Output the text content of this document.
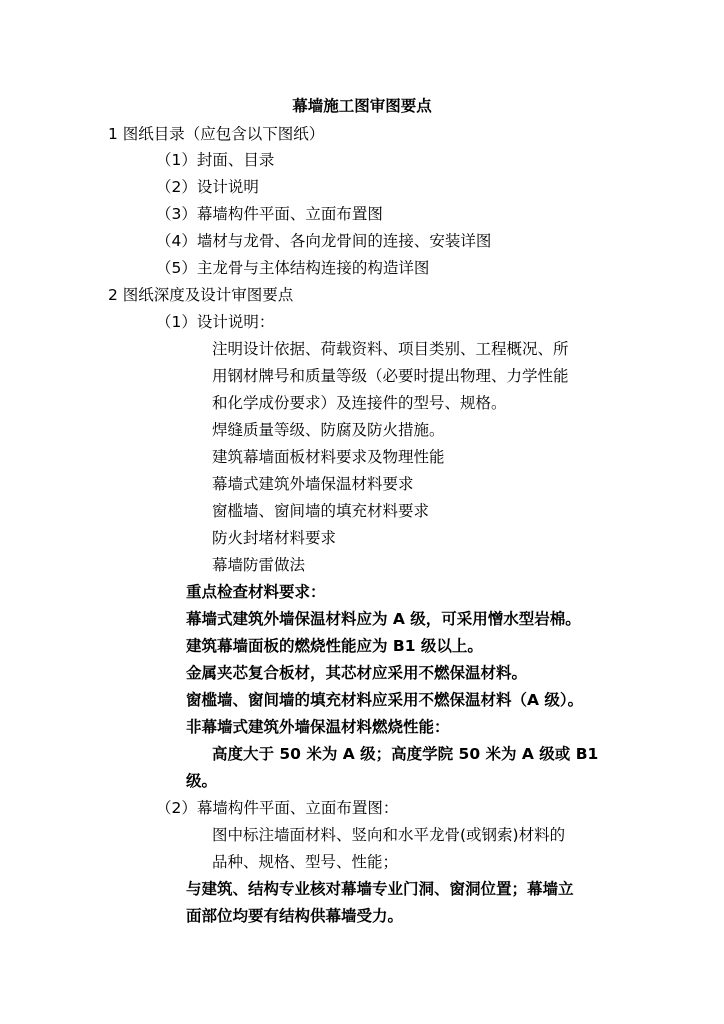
幕墙施工图审图要点
1 图纸目录（应包含以下图纸）
（1）封面、目录
（2）设计说明
（3）幕墙构件平面、立面布置图
（4）墙材与龙骨、各向龙骨间的连接、安装详图
（5）主龙骨与主体结构连接的构造详图
2 图纸深度及设计审图要点
（1）设计说明：
注明设计依据、荷载资料、项目类别、工程概况、所
用钢材牌号和质量等级（必要时提出物理、力学性能
和化学成份要求）及连接件的型号、规格。
焊缝质量等级、防腐及防火措施。
建筑幕墙面板材料要求及物理性能
幕墙式建筑外墙保温材料要求
窗槛墙、窗间墙的填充材料要求
防火封堵材料要求
幕墙防雷做法
重点检查材料要求：
幕墙式建筑外墙保温材料应为 A 级，可采用憎水型岩棉。
建筑幕墙面板的燃烧性能应为 B1 级以上。
金属夹芯复合板材，其芯材应采用不燃保温材料。
窗槛墙、窗间墙的填充材料应采用不燃保温材料（A 级）。
非幕墙式建筑外墙保温材料燃烧性能：
高度大于 50 米为 A 级；高度学院 50 米为 A 级或 B1
级。
（2）幕墙构件平面、立面布置图：
图中标注墙面材料、竖向和水平龙骨(或钢索)材料的
品种、规格、型号、性能；
与建筑、结构专业核对幕墙专业门洞、窗洞位置；幕墙立
面部位均要有结构供幕墙受力。
